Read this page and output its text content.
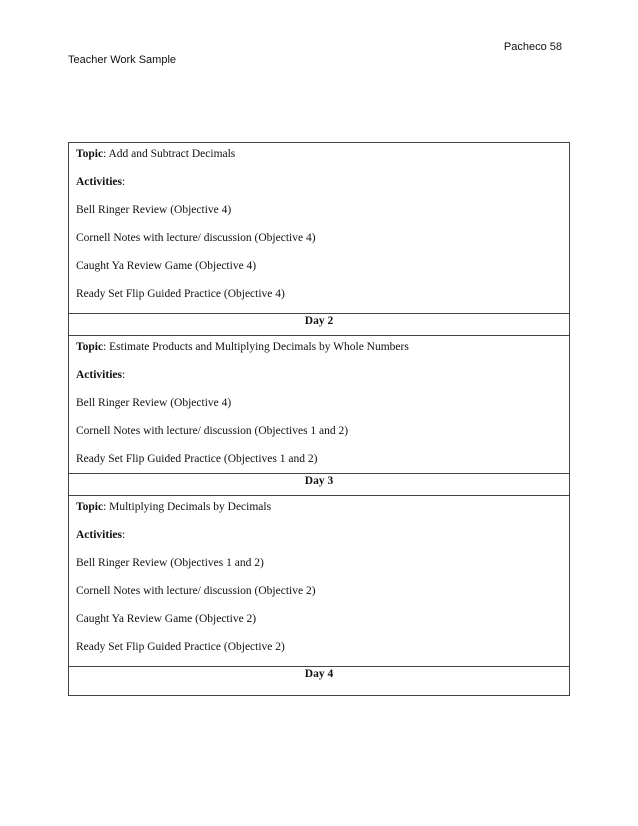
Pacheco 58
Teacher Work Sample

Topic: Add and Subtract Decimals

Activities:

Bell Ringer Review (Objective 4)

Cornell Notes with lecture/ discussion (Objective 4)

Caught Ya Review Game (Objective 4)

Ready Set Flip Guided Practice (Objective 4)

Day 2

Topic: Estimate Products and Multiplying Decimals by Whole Numbers

Activities:

Bell Ringer Review (Objective 4)

Cornell Notes with lecture/ discussion (Objectives 1 and 2)

Ready Set Flip Guided Practice (Objectives 1 and 2)

Day 3

Topic: Multiplying Decimals by Decimals

Activities:

Bell Ringer Review (Objectives 1 and 2)

Cornell Notes with lecture/ discussion (Objective 2)

Caught Ya Review Game (Objective 2)

Ready Set Flip Guided Practice (Objective 2)

Day 4
